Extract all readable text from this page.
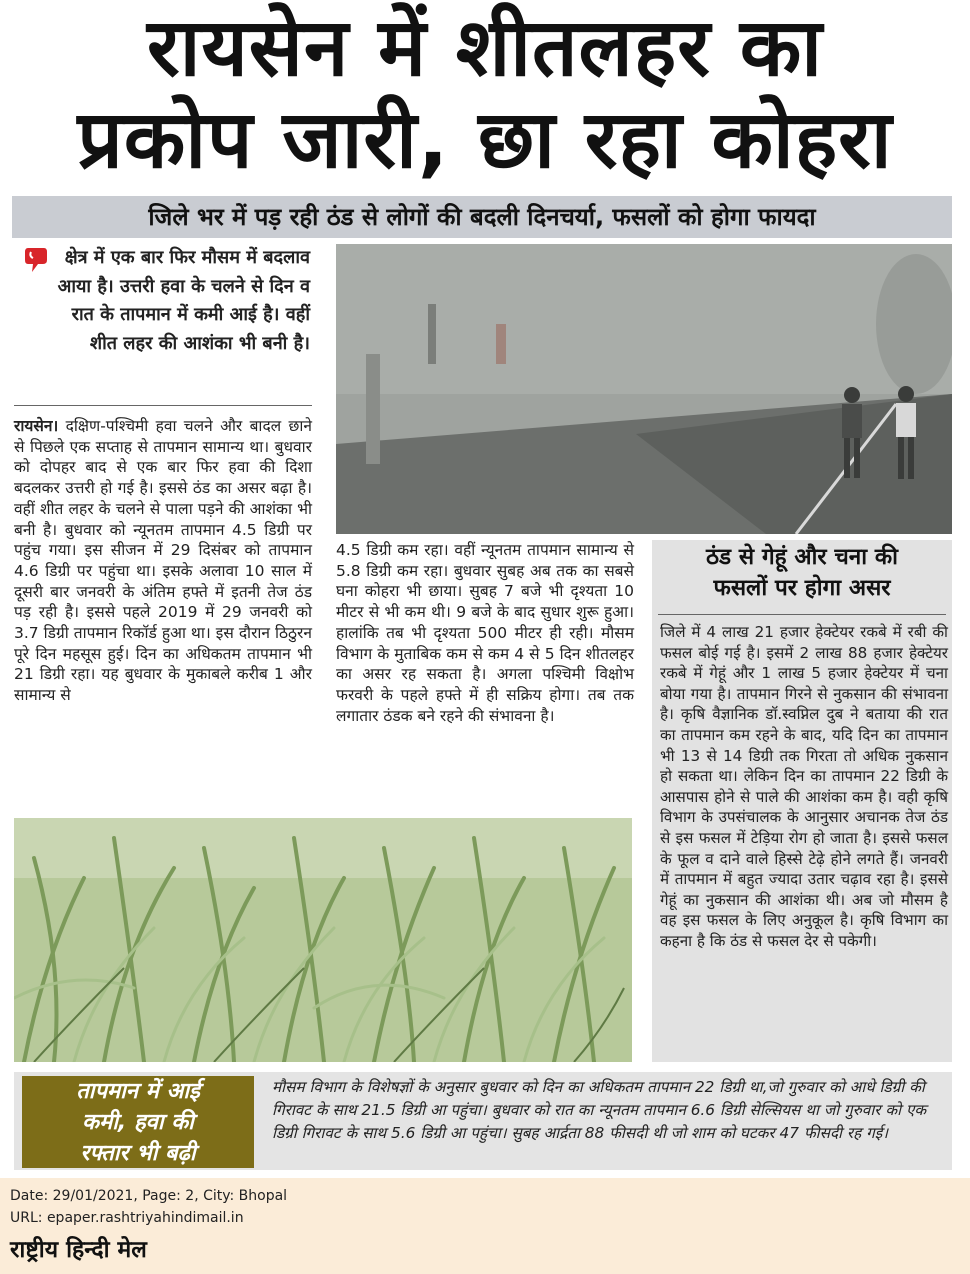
रायसेन में शीतलहर का
प्रकोप जारी, छा रहा कोहरा
जिले भर में पड़ रही ठंड से लोगों की बदली दिनचर्या, फसलों को होगा फायदा
क्षेत्र में एक बार फिर मौसम में बदलाव आया है। उत्तरी हवा के चलने से दिन व रात के तापमान में कमी आई है। वहीं शीत लहर की आशंका भी बनी है।
रायसेन। दक्षिण-पश्चिमी हवा चलने और बादल छाने से पिछले एक सप्ताह से तापमान सामान्य था। बुधवार को दोपहर बाद से एक बार फिर हवा की दिशा बदलकर उत्तरी हो गई है। इससे ठंड का असर बढ़ा है। वहीं शीत लहर के चलने से पाला पड़ने की आशंका भी बनी है। बुधवार को न्यूनतम तापमान 4.5 डिग्री पर पहुंच गया। इस सीजन में 29 दिसंबर को तापमान 4.6 डिग्री पर पहुंचा था। इसके अलावा 10 साल में दूसरी बार जनवरी के अंतिम हफ्ते में इतनी तेज ठंड पड़ रही है। इससे पहले 2019 में 29 जनवरी को 3.7 डिग्री तापमान रिकॉर्ड हुआ था। इस दौरान ठिठुरन पूरे दिन महसूस हुई। दिन का अधिकतम तापमान भी 21 डिग्री रहा। यह बुधवार के मुकाबले करीब 1 और सामान्य से
4.5 डिग्री कम रहा। वहीं न्यूनतम तापमान सामान्य से 5.8 डिग्री कम रहा। बुधवार सुबह अब तक का सबसे घना कोहरा भी छाया। सुबह 7 बजे भी दृश्यता 10 मीटर से भी कम थी। 9 बजे के बाद सुधार शुरू हुआ। हालांकि तब भी दृश्यता 500 मीटर ही रही। मौसम विभाग के मुताबिक कम से कम 4 से 5 दिन शीतलहर का असर रह सकता है। अगला पश्चिमी विक्षोभ फरवरी के पहले हफ्ते में ही सक्रिय होगा। तब तक लगातार ठंडक बने रहने की संभावना है।
ठंड से गेहूं और चना की
फसलों पर होगा असर
जिले में 4 लाख 21 हजार हेक्टेयर रकबे में रबी की फसल बोई गई है। इसमें 2 लाख 88 हजार हेक्टेयर रकबे में गेहूं और 1 लाख 5 हजार हेक्टेयर में चना बोया गया है। तापमान गिरने से नुकसान की संभावना है। कृषि वैज्ञानिक डॉ.स्वप्निल दुब ने बताया की रात का तापमान कम रहने के बाद, यदि दिन का तापमान भी 13 से 14 डिग्री तक गिरता तो अधिक नुकसान हो सकता था। लेकिन दिन का तापमान 22 डिग्री के आसपास होने से पाले की आशंका कम है। वही कृषि विभाग के उपसंचालक के आनुसार अचानक तेज ठंड से इस फसल में टेड़िया रोग हो जाता है। इससे फसल के फूल व दाने वाले हिस्से टेढ़े होने लगते हैं। जनवरी में तापमान में बहुत ज्यादा उतार चढ़ाव रहा है। इससे गेहूं का नुकसान की आशंका थी। अब जो मौसम है वह इस फसल के लिए अनुकूल है। कृषि विभाग का कहना है कि ठंड से फसल देर से पकेगी।
तापमान में आई
कमी, हवा की
रफ्तार भी बढ़ी
मौसम विभाग के विशेषज्ञों के अनुसार बुधवार को दिन का अधिकतम तापमान 22 डिग्री था,जो गुरुवार को आधे डिग्री की गिरावट के साथ 21.5 डिग्री आ पहुंचा। बुधवार को रात का न्यूनतम तापमान 6.6 डिग्री सेल्सियस था जो गुरुवार को एक डिग्री गिरावट के साथ 5.6 डिग्री आ पहुंचा। सुबह आर्द्रता 88 फीसदी थी जो शाम को घटकर 47 फीसदी रह गई।
Date: 29/01/2021, Page: 2, City: Bhopal
URL: epaper.rashtriyahindimail.in
राष्ट्रीय हिन्दी मेल
